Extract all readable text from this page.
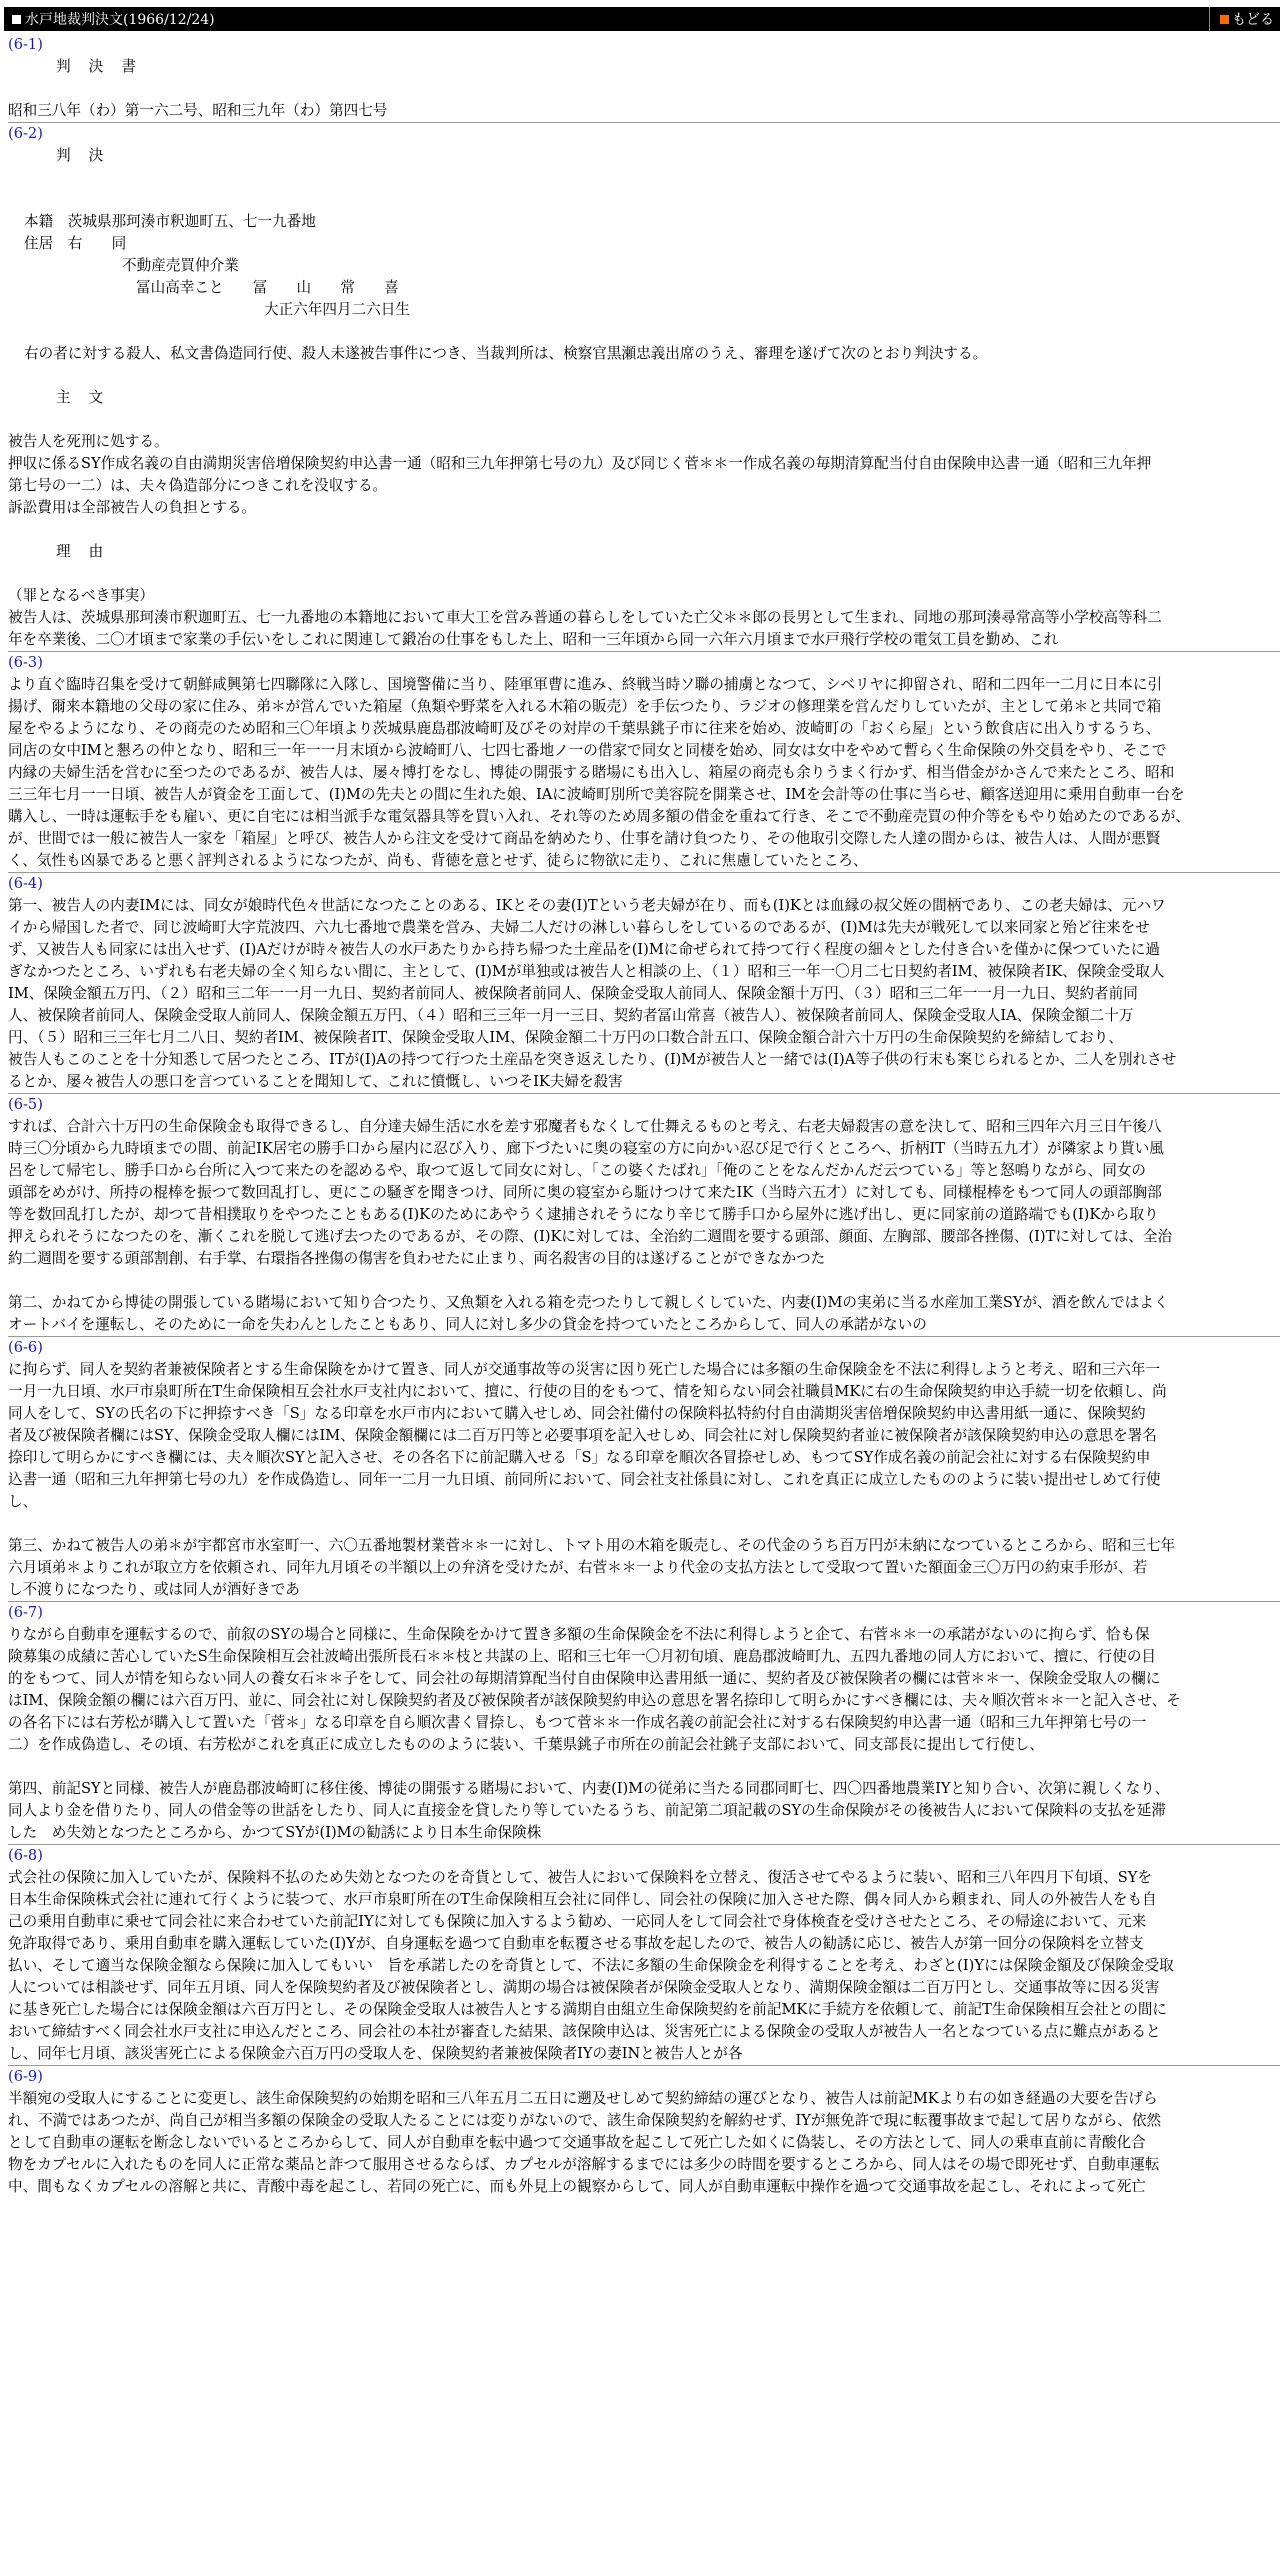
水戸地裁判決文(1966/12/24)	もどる
(6-1)
判決書
昭和三八年（わ）第一六二号、昭和三九年（わ）第四七号
(6-2)
判決
本籍　茨城県那珂湊市釈迦町五、七一九番地
住居　右　　同
不動産売買仲介業
冨山高幸こと　　冨　　山　　常　　喜
大正六年四月二六日生
右の者に対する殺人、私文書偽造同行使、殺人未遂被告事件につき、当裁判所は、検察官黒瀬忠義出席のうえ、審理を遂げて次のとおり判決する。
主文
被告人を死刑に処する。
押収に係るSY作成名義の自由満期災害倍増保険契約申込書一通（昭和三九年押第七号の九）及び同じく菅＊＊一作成名義の毎期清算配当付自由保険申込書一通（昭和三九年押
第七号の一二）は、夫々偽造部分につきこれを没収する。
訴訟費用は全部被告人の負担とする。
理由
（罪となるべき事実）
被告人は、茨城県那珂湊市釈迦町五、七一九番地の本籍地において車大工を営み普通の暮らしをしていた亡父＊＊郎の長男として生まれ、同地の那珂湊尋常高等小学校高等科二
年を卒業後、二〇才頃まで家業の手伝いをしこれに関連して鍛冶の仕事をもした上、昭和一三年頃から同一六年六月頃まで水戸飛行学校の電気工員を勤め、これ
(6-3)
より直ぐ臨時召集を受けて朝鮮咸興第七四聯隊に入隊し、国境警備に当り、陸軍軍曹に進み、終戦当時ソ聯の捕虜となつて、シベリヤに抑留され、昭和二四年一二月に日本に引
揚げ、爾来本籍地の父母の家に住み、弟＊が営んでいた箱屋（魚類や野菜を入れる木箱の販売）を手伝つたり、ラジオの修理業を営んだりしていたが、主として弟＊と共同で箱
屋をやるようになり、その商売のため昭和三〇年頃より茨城県鹿島郡波崎町及びその対岸の千葉県銚子市に往来を始め、波崎町の「おくら屋」という飲食店に出入りするうち、
同店の女中IMと懇ろの仲となり、昭和三一年一一月末頃から波崎町八、七四七番地ノ一の借家で同女と同棲を始め、同女は女中をやめて暫らく生命保険の外交員をやり、そこで
内縁の夫婦生活を営むに至つたのであるが、被告人は、屡々博打をなし、博徒の開張する賭場にも出入し、箱屋の商売も余りうまく行かず、相当借金がかさんで来たところ、昭和
三三年七月一一日頃、被告人が資金を工面して、(I)Mの先夫との間に生れた娘、IAに波崎町別所で美容院を開業させ、IMを会計等の仕事に当らせ、顧客送迎用に乗用自動車一台を
購入し、一時は運転手をも雇い、更に自宅には相当派手な電気器具等を買い入れ、それ等のため周多額の借金を重ねて行き、そこで不動産売買の仲介等をもやり始めたのであるが、
が、世間では一般に被告人一家を「箱屋」と呼び、被告人から注文を受けて商品を納めたり、仕事を請け負つたり、その他取引交際した人達の間からは、被告人は、人間が悪賢
く、気性も凶暴であると悪く評判されるようになつたが、尚も、背徳を意とせず、徒らに物欲に走り、これに焦慮していたところ、
(6-4)
第一、被告人の内妻IMには、同女が娘時代色々世話になつたことのある、IKとその妻(I)Tという老夫婦が在り、而も(I)Kとは血縁の叔父姪の間柄であり、この老夫婦は、元ハワ
イから帰国した者で、同じ波崎町大字荒波四、六九七番地で農業を営み、夫婦二人だけの淋しい暮らしをしているのであるが、(I)Mは先夫が戦死して以来同家と殆ど往来をせ
ず、又被告人も同家には出入せず、(I)Aだけが時々被告人の水戸あたりから持ち帰つた土産品を(I)Mに命ぜられて持つて行く程度の細々とした付き合いを僅かに保つていたに過
ぎなかつたところ、いずれも右老夫婦の全く知らない間に、主として、(I)Mが単独或は被告人と相談の上、（１）昭和三一年一〇月二七日契約者IM、被保険者IK、保険金受取人
IM、保険金額五万円、（２）昭和三二年一一月一九日、契約者前同人、被保険者前同人、保険金受取人前同人、保険金額十万円、（３）昭和三二年一一月一九日、契約者前同
人、被保険者前同人、保険金受取人前同人、保険金額五万円、（４）昭和三三年一月一三日、契約者冨山常喜（被告人）、被保険者前同人、保険金受取人IA、保険金額二十万
円、（５）昭和三三年七月二八日、契約者IM、被保険者IT、保険金受取人IM、保険金額二十万円の口数合計五口、保険金額合計六十万円の生命保険契約を締結しており、
被告人もこのことを十分知悉して居つたところ、ITが(I)Aの持つて行つた土産品を突き返えしたり、(I)Mが被告人と一緒では(I)A等子供の行末も案じられるとか、二人を別れさせ
るとか、屡々被告人の悪口を言つていることを聞知して、これに憤慨し、いつそIK夫婦を殺害
(6-5)
すれば、合計六十万円の生命保険金も取得できるし、自分達夫婦生活に水を差す邪魔者もなくして仕舞えるものと考え、右老夫婦殺害の意を決して、昭和三四年六月三日午後八
時三〇分頃から九時頃までの間、前記IK居宅の勝手口から屋内に忍び入り、廊下づたいに奥の寝室の方に向かい忍び足で行くところへ、折柄IT（当時五九才）が隣家より貰い風
呂をして帰宅し、勝手口から台所に入つて来たのを認めるや、取つて返して同女に対し、「この婆くたばれ」「俺のことをなんだかんだ云つている」等と怒鳴りながら、同女の
頭部をめがけ、所持の棍棒を振つて数回乱打し、更にこの騒ぎを聞きつけ、同所に奥の寝室から駈けつけて来たIK（当時六五才）に対しても、同様棍棒をもつて同人の頭部胸部
等を数回乱打したが、却つて昔相撲取りをやつたこともある(I)Kのためにあやうく逮捕されそうになり辛じて勝手口から屋外に逃げ出し、更に同家前の道路端でも(I)Kから取り
押えられそうになつたのを、漸くこれを脱して逃げ去つたのであるが、その際、(I)Kに対しては、全治約二週間を要する頭部、顔面、左胸部、腰部各挫傷、(I)Tに対しては、全治
約二週間を要する頭部割創、右手掌、右環指各挫傷の傷害を負わせたに止まり、両名殺害の目的は遂げることができなかつた
第二、かねてから博徒の開張している賭場において知り合つたり、又魚類を入れる箱を売つたりして親しくしていた、内妻(I)Mの実弟に当る水産加工業SYが、酒を飲んではよく
オートバイを運転し、そのために一命を失わんとしたこともあり、同人に対し多少の貸金を持つていたところからして、同人の承諾がないの
(6-6)
に拘らず、同人を契約者兼被保険者とする生命保険をかけて置き、同人が交通事故等の災害に因り死亡した場合には多額の生命保険金を不法に利得しようと考え、昭和三六年一
一月一九日頃、水戸市泉町所在T生命保険相互会社水戸支社内において、擅に、行使の目的をもつて、情を知らない同会社職員MKに右の生命保険契約申込手続一切を依頼し、尚
同人をして、SYの氏名の下に押捺すべき「S」なる印章を水戸市内において購入せしめ、同会社備付の保険料払特約付自由満期災害倍増保険契約申込書用紙一通に、保険契約
者及び被保険者欄にはSY、保険金受取人欄にはIM、保険金額欄には二百万円等と必要事項を記入せしめ、同会社に対し保険契約者並に被保険者が該保険契約申込の意思を署名
捺印して明らかにすべき欄には、夫々順次SYと記入させ、その各名下に前記購入せる「S」なる印章を順次各冒捺せしめ、もつてSY作成名義の前記会社に対する右保険契約申
込書一通（昭和三九年押第七号の九）を作成偽造し、同年一二月一九日頃、前同所において、同会社支社係員に対し、これを真正に成立したもののように装い提出せしめて行使
し、
第三、かねて被告人の弟＊が宇都宮市氷室町一、六〇五番地製材業菅＊＊一に対し、トマト用の木箱を販売し、その代金のうち百万円が未納になつているところから、昭和三七年
六月頃弟＊よりこれが取立方を依頼され、同年九月頃その半額以上の弁済を受けたが、右菅＊＊一より代金の支払方法として受取つて置いた額面金三〇万円の約束手形が、若
し不渡りになつたり、或は同人が酒好きであ
(6-7)
りながら自動車を運転するので、前叙のSYの場合と同様に、生命保険をかけて置き多額の生命保険金を不法に利得しようと企て、右菅＊＊一の承諾がないのに拘らず、恰も保
険募集の成績に苦心していたS生命保険相互会社波崎出張所長石＊＊枝と共謀の上、昭和三七年一〇月初旬頃、鹿島郡波崎町九、五四九番地の同人方において、擅に、行使の目
的をもつて、同人が情を知らない同人の養女石＊＊子をして、同会社の毎期清算配当付自由保険申込書用紙一通に、契約者及び被保険者の欄には菅＊＊一、保険金受取人の欄に
はIM、保険金額の欄には六百万円、並に、同会社に対し保険契約者及び被保険者が該保険契約申込の意思を署名捺印して明らかにすべき欄には、夫々順次菅＊＊一と記入させ、そ
の各名下には右芳松が購入して置いた「菅＊」なる印章を自ら順次書く冒捺し、もつて菅＊＊一作成名義の前記会社に対する右保険契約申込書一通（昭和三九年押第七号の一
二）を作成偽造し、その頃、右芳松がこれを真正に成立したもののように装い、千葉県銚子市所在の前記会社銚子支部において、同支部長に提出して行使し、
第四、前記SYと同様、被告人が鹿島郡波崎町に移住後、博徒の開張する賭場において、内妻(I)Mの従弟に当たる同郡同町七、四〇四番地農業IYと知り合い、次第に親しくなり、
同人より金を借りたり、同人の借金等の世話をしたり、同人に直接金を貸したり等していたるうち、前記第二項記載のSYの生命保険がその後被告人において保険料の支払を延滞
した　め失効となつたところから、かつてSYが(I)Mの勧誘により日本生命保険株
(6-8)
式会社の保険に加入していたが、保険料不払のため失効となつたのを奇貨として、被告人において保険料を立替え、復活させてやるように装い、昭和三八年四月下旬頃、SYを
日本生命保険株式会社に連れて行くように装つて、水戸市泉町所在のT生命保険相互会社に同伴し、同会社の保険に加入させた際、偶々同人から頼まれ、同人の外被告人をも自
己の乗用自動車に乗せて同会社に来合わせていた前記IYに対しても保険に加入するよう勧め、一応同人をして同会社で身体検査を受けさせたところ、その帰途において、元来
免許取得であり、乗用自動車を購入運転していた(I)Yが、自身運転を過つて自動車を転覆させる事故を起したので、被告人の勧誘に応じ、被告人が第一回分の保険料を立替支
払い、そして適当な保険金額なら保険に加入してもいい　旨を承諾したのを奇貨として、不法に多額の生命保険金を利得することを考え、わざと(I)Yには保険金額及び保険金受取
人については相談せず、同年五月頃、同人を保険契約者及び被保険者とし、満期の場合は被保険者が保険金受取人となり、満期保険金額は二百万円とし、交通事故等に因る災害
に基き死亡した場合には保険金額は六百万円とし、その保険金受取人は被告人とする満期自由組立生命保険契約を前記MKに手続方を依頼して、前記T生命保険相互会社との間に
おいて締結すべく同会社水戸支社に申込んだところ、同会社の本社が審査した結果、該保険申込は、災害死亡による保険金の受取人が被告人一名となつている点に難点があると
し、同年七月頃、該災害死亡による保険金六百万円の受取人を、保険契約者兼被保険者IYの妻INと被告人とが各
(6-9)
半額宛の受取人にすることに変更し、該生命保険契約の始期を昭和三八年五月二五日に遡及せしめて契約締結の運びとなり、被告人は前記MKより右の如き経過の大要を告げら
れ、不満ではあつたが、尚自己が相当多額の保険金の受取人たることには変りがないので、該生命保険契約を解約せず、IYが無免許で現に転覆事故まで起して居りながら、依然
として自動車の運転を断念しないでいるところからして、同人が自動車を転中過つて交通事故を起こして死亡した如くに偽装し、その方法として、同人の乗車直前に青酸化合
物をカプセルに入れたものを同人に正常な薬品と詐つて服用させるならば、カプセルが溶解するまでには多少の時間を要するところから、同人はその場で即死せず、自動車運転
中、間もなくカプセルの溶解と共に、青酸中毒を起こし、若同の死亡に、而も外見上の観察からして、同人が自動車運転中操作を過つて交通事故を起こし、それによって死亡
